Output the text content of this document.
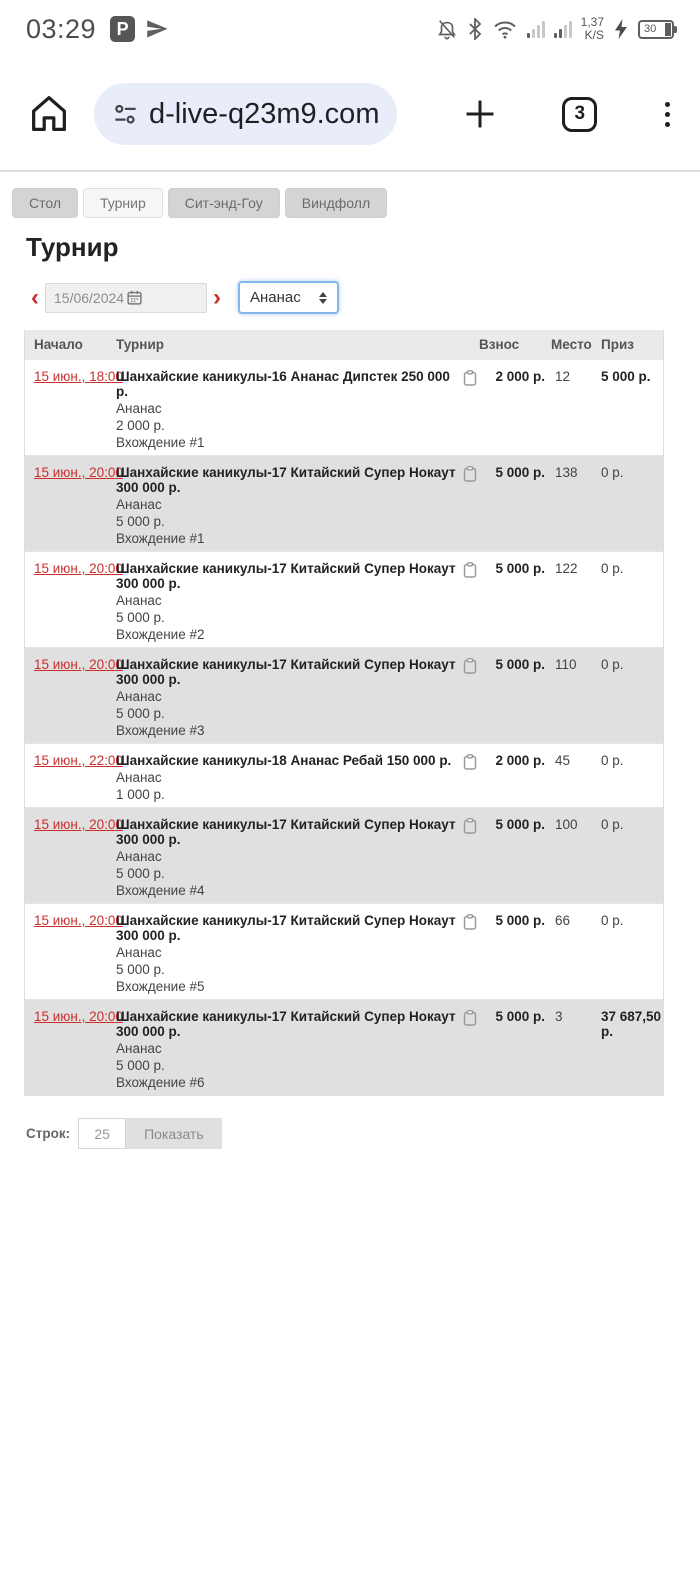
03:29	P	1,37
K/S	30
d-live-q23m9.com	3
Стол	Турнир	Сит-энд-Гоу	Виндфолл
Турнир
‹ 15/06/2024	› Ананас
Начало	Турнир	Взнос	Место Приз
15 июн., 18:00
Шанхайские каникулы-16 Ананас Дипстек 250 000 р.
Ананас
2 000 р.
Вхождение #1
2 000 р. 12	5 000 р.
15 июн., 20:00
Шанхайские каникулы-17 Китайский Супер Нокаут 300 000 р.
Ананас
5 000 р.
Вхождение #1
5 000 р. 138	0 р.
15 июн., 20:00
Шанхайские каникулы-17 Китайский Супер Нокаут 300 000 р.
Ананас
5 000 р.
Вхождение #2
5 000 р. 122	0 р.
15 июн., 20:00
Шанхайские каникулы-17 Китайский Супер Нокаут 300 000 р.
Ананас
5 000 р.
Вхождение #3
5 000 р. 110	0 р.
15 июн., 22:00
Шанхайские каникулы-18 Ананас Ребай 150 000 р.
Ананас
1 000 р.
2 000 р. 45	0 р.
15 июн., 20:00
Шанхайские каникулы-17 Китайский Супер Нокаут 300 000 р.
Ананас
5 000 р.
Вхождение #4
5 000 р. 100	0 р.
15 июн., 20:00
Шанхайские каникулы-17 Китайский Супер Нокаут 300 000 р.
Ананас
5 000 р.
Вхождение #5
5 000 р. 66	0 р.
15 июн., 20:00
Шанхайские каникулы-17 Китайский Супер Нокаут 300 000 р.
Ананас
5 000 р.
Вхождение #6
5 000 р. 3	37 687,50 р.
Строк:
25	Показать
